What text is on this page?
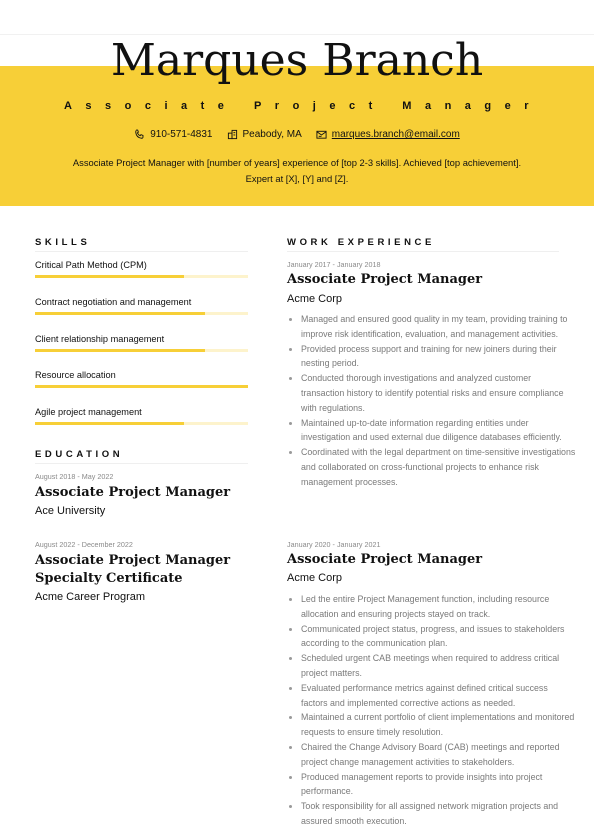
Marques Branch
Associate Project Manager
910-571-4831	Peabody, MA	marques.branch@email.com
Associate Project Manager with [number of years] experience of [top 2-3 skills]. Achieved [top achievement]. Expert at [X], [Y] and [Z].
SKILLS
Critical Path Method (CPM)
Contract negotiation and management
Client relationship management
Resource allocation
Agile project management
EDUCATION
August 2018 - May 2022
Associate Project Manager
Ace University
August 2022 - December 2022
Associate Project Manager Specialty Certificate
Acme Career Program
WORK EXPERIENCE
January 2017 - January 2018
Associate Project Manager
Acme Corp
• Managed and ensured good quality in my team, providing training to improve risk identification, evaluation, and management activities.
• Provided process support and training for new joiners during their nesting period.
• Conducted thorough investigations and analyzed customer transaction history to identify potential risks and ensure compliance with regulations.
• Maintained up-to-date information regarding entities under investigation and used external due diligence databases efficiently.
• Coordinated with the legal department on time-sensitive investigations and collaborated on cross-functional projects to enhance risk management processes.
January 2020 - January 2021
Associate Project Manager
Acme Corp
• Led the entire Project Management function, including resource allocation and ensuring projects stayed on track.
• Communicated project status, progress, and issues to stakeholders according to the communication plan.
• Scheduled urgent CAB meetings when required to address critical project matters.
• Evaluated performance metrics against defined critical success factors and implemented corrective actions as needed.
• Maintained a current portfolio of client implementations and monitored requests to ensure timely resolution.
• Chaired the Change Advisory Board (CAB) meetings and reported project change management activities to stakeholders.
• Produced management reports to provide insights into project performance.
• Took responsibility for all assigned network migration projects and assured smooth execution.
